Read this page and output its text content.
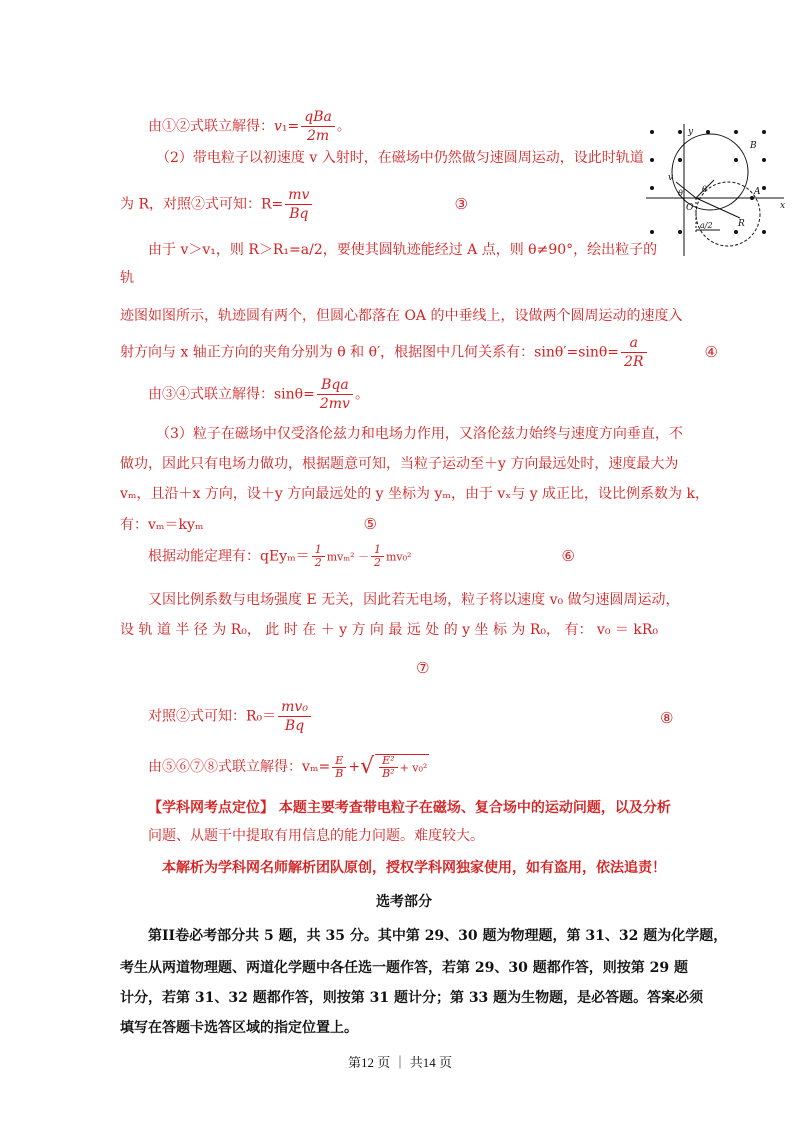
由①②式联立解得：$v_1= \frac{\text{qBa}}{2m}$ 。
（2）带电粒子以初速度 v 入射时，在磁场中仍然做匀速圆周运动，设此时轨道
为 R，对照②式可知：$R= \frac{mv}{Bq}$	③
由于 v＞v₁，则 R＞R₁=a/2，要使其圆轨迹能经过 A 点，则 θ≠90°，绘出粒子的
轨
迹图如图所示，轨迹圆有两个，但圆心都落在 OA 的中垂线上，设做两个圆周运动的速度入
射方向与 x 轴正方向的夹角分别为 θ 和 θ′，根据图中几何关系有：$\sin\theta'=\sin\theta= \frac{a}{2R}$	④
由③④式联立解得：$\sin\theta= \frac{\text{Bqa}}{2mv}$ 。
（3）粒子在磁场中仅受洛伦兹力和电场力作用，又洛伦兹力始终与速度方向垂直，不
做功，因此只有电场力做功，根据题意可知，当粒子运动至＋y 方向最远处时，速度最大为
vₘ，且沿＋x 方向，设＋y 方向最远处的 y 坐标为 yₘ，由于 vₓ与 y 成正比，设比例系数为 k，
有：vₘ＝kyₘ	⑤
根据动能定理有：$qEy_m= \frac{1}{2} mv_m^2 - \frac{1}{2} mv_0^2$	⑥
又因比例系数与电场强度 E 无关，因此若无电场，粒子将以速度 v₀ 做匀速圆周运动，
设 轨 道 半 径 为 R₀， 此 时 在 ＋ y 方 向 最 远 处 的 y 坐 标 为 R₀， 有： v₀ ＝ kR₀
⑦
对照②式可知：$R_0= \frac{\text{mv₀}}{Bq}$	⑧
由⑤⑥⑦⑧式联立解得：$v_m= \frac{E}{B}$ +√ $\frac{\text{E²}}{\text{B²}} + v_0^2$
【学科网考点定位】 本题主要考查带电粒子在磁场、复合场中的运动问题，以及分析
问题、从题干中提取有用信息的能力问题。难度较大。
本解析为学科网名师解析团队原创，授权学科网独家使用，如有盗用，依法追责！
选考部分
第II卷必考部分共 5 题，共 35 分。其中第 29、30 题为物理题，第 31、32 题为化学题，
考生从两道物理题、两道化学题中各任选一题作答，若第 29、30 题都作答，则按第 29 题
计分，若第 31、32 题都作答，则按第 31 题计分；第 33 题为生物题，是必答题。答案必须
填写在答题卡选答区域的指定位置上。
第12 页 ｜ 共14 页
y
x
O
A
B
R
v
θ
θ′
a/2
